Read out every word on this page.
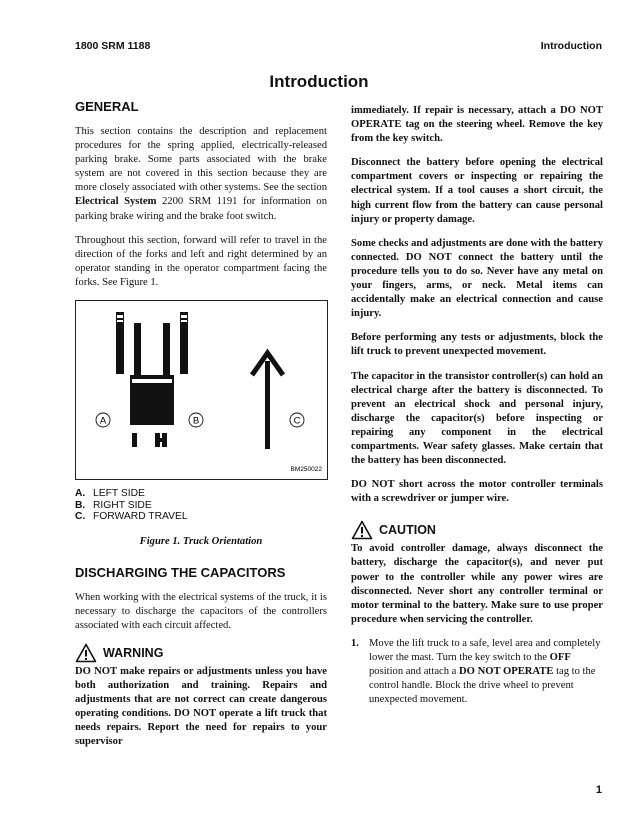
1800 SRM 1188	Introduction
Introduction
GENERAL

This section contains the description and replacement procedures for the spring applied, electrically-released parking brake. Some parts associated with the brake system are not covered in this section because they are more closely associated with other systems. See the section Electrical System 2200 SRM 1191 for information on parking brake wiring and the brake foot switch.

Throughout this section, forward will refer to travel in the direction of the forks and left and right determined by an operator standing in the operator compartment facing the forks. See Figure 1.

A	B	C
BM250022
A. LEFT SIDE
B. RIGHT SIDE
C. FORWARD TRAVEL
Figure 1. Truck Orientation
DISCHARGING THE CAPACITORS

When working with the electrical systems of the truck, it is necessary to discharge the capacitors of the controllers associated with each circuit affected.

WARNING

DO NOT make repairs or adjustments unless you have both authorization and training. Repairs and adjustments that are not correct can create dangerous operating conditions. DO NOT operate a lift truck that needs repairs. Report the need for repairs to your supervisor

immediately. If repair is necessary, attach a DO NOT OPERATE tag on the steering wheel. Remove the key from the key switch.

Disconnect the battery before opening the electrical compartment covers or inspecting or repairing the electrical system. If a tool causes a short circuit, the high current flow from the battery can cause personal injury or property damage.

Some checks and adjustments are done with the battery connected. DO NOT connect the battery until the procedure tells you to do so. Never have any metal on your fingers, arms, or neck. Metal items can accidentally make an electrical connection and cause injury.

Before performing any tests or adjustments, block the lift truck to prevent unexpected movement.

The capacitor in the transistor controller(s) can hold an electrical charge after the battery is disconnected. To prevent an electrical shock and personal injury, discharge the capacitor(s) before inspecting or repairing any component in the electrical compartments. Wear safety glasses. Make certain that the battery has been disconnected.

DO NOT short across the motor controller terminals with a screwdriver or jumper wire.

CAUTION

To avoid controller damage, always disconnect the battery, discharge the capacitor(s), and never put power to the controller while any power wires are disconnected. Never short any controller terminal or motor terminal to the battery. Make sure to use proper procedure when servicing the controller.

1. Move the lift truck to a safe, level area and completely lower the mast. Turn the key switch to the OFF position and attach a DO NOT OPERATE tag to the control handle. Block the drive wheel to prevent unexpected movement.
1
